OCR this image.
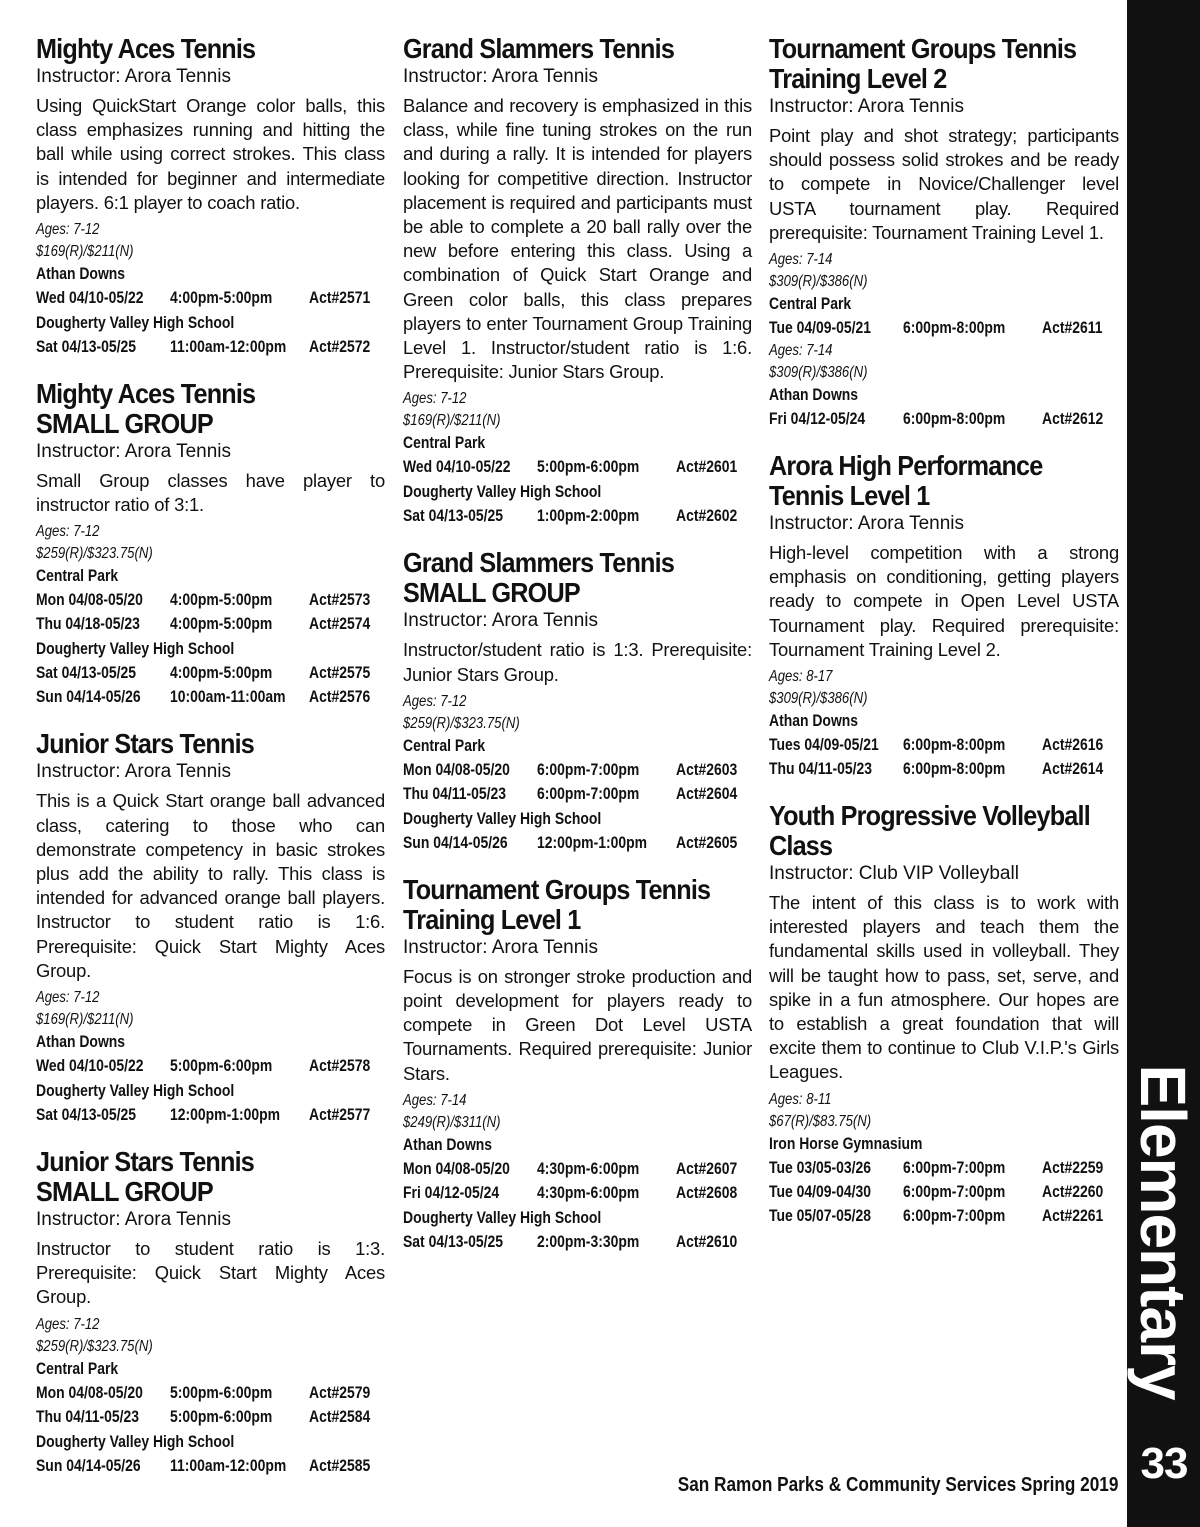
Mighty Aces Tennis
Instructor: Arora Tennis
Using QuickStart Orange color balls, this class emphasizes running and hitting the ball while using correct strokes. This class is intended for beginner and intermediate players. 6:1 player to coach ratio.
Ages: 7-12
$169(R)/$211(N)
Athan Downs
Wed 04/10-05/22 4:00pm-5:00pm Act#2571
Dougherty Valley High School
Sat 04/13-05/25 11:00am-12:00pm Act#2572
Mighty Aces Tennis
SMALL GROUP
Instructor: Arora Tennis
Small Group classes have player to instructor ratio of 3:1.
Ages: 7-12
$259(R)/$323.75(N)
Central Park
Mon 04/08-05/20 4:00pm-5:00pm Act#2573
Thu 04/18-05/23 4:00pm-5:00pm Act#2574
Dougherty Valley High School
Sat 04/13-05/25 4:00pm-5:00pm Act#2575
Sun 04/14-05/26 10:00am-11:00am Act#2576
Junior Stars Tennis
Instructor: Arora Tennis
This is a Quick Start orange ball advanced class, catering to those who can demonstrate competency in basic strokes plus add the ability to rally. This class is intended for advanced orange ball players. Instructor to student ratio is 1:6. Prerequisite: Quick Start Mighty Aces Group.
Ages: 7-12
$169(R)/$211(N)
Athan Downs
Wed 04/10-05/22 5:00pm-6:00pm Act#2578
Dougherty Valley High School
Sat 04/13-05/25 12:00pm-1:00pm Act#2577
Junior Stars Tennis
SMALL GROUP
Instructor: Arora Tennis
Instructor to student ratio is 1:3. Prerequisite: Quick Start Mighty Aces Group.
Ages: 7-12
$259(R)/$323.75(N)
Central Park
Mon 04/08-05/20 5:00pm-6:00pm Act#2579
Thu 04/11-05/23 5:00pm-6:00pm Act#2584
Dougherty Valley High School
Sun 04/14-05/26 11:00am-12:00pm Act#2585
Grand Slammers Tennis
Instructor: Arora Tennis
Balance and recovery is emphasized in this class, while fine tuning strokes on the run and during a rally. It is intended for players looking for competitive direction. Instructor placement is required and participants must be able to complete a 20 ball rally over the new before entering this class. Using a combination of Quick Start Orange and Green color balls, this class prepares players to enter Tournament Group Training Level 1. Instructor/student ratio is 1:6. Prerequisite: Junior Stars Group.
Ages: 7-12
$169(R)/$211(N)
Central Park
Wed 04/10-05/22 5:00pm-6:00pm Act#2601
Dougherty Valley High School
Sat 04/13-05/25 1:00pm-2:00pm Act#2602
Grand Slammers Tennis
SMALL GROUP
Instructor: Arora Tennis
Instructor/student ratio is 1:3. Prerequisite: Junior Stars Group.
Ages: 7-12
$259(R)/$323.75(N)
Central Park
Mon 04/08-05/20 6:00pm-7:00pm Act#2603
Thu 04/11-05/23 6:00pm-7:00pm Act#2604
Dougherty Valley High School
Sun 04/14-05/26 12:00pm-1:00pm Act#2605
Tournament Groups Tennis
Training Level 1
Instructor: Arora Tennis
Focus is on stronger stroke production and point development for players ready to compete in Green Dot Level USTA Tournaments. Required prerequisite: Junior Stars.
Ages: 7-14
$249(R)/$311(N)
Athan Downs
Mon 04/08-05/20 4:30pm-6:00pm Act#2607
Fri 04/12-05/24 4:30pm-6:00pm Act#2608
Dougherty Valley High School
Sat 04/13-05/25 2:00pm-3:30pm Act#2610
Tournament Groups Tennis
Training Level 2
Instructor: Arora Tennis
Point play and shot strategy; participants should possess solid strokes and be ready to compete in Novice/Challenger level USTA tournament play. Required prerequisite: Tournament Training Level 1.
Ages: 7-14
$309(R)/$386(N)
Central Park
Tue 04/09-05/21 6:00pm-8:00pm Act#2611
Ages: 7-14
$309(R)/$386(N)
Athan Downs
Fri 04/12-05/24 6:00pm-8:00pm Act#2612
Arora High Performance
Tennis Level 1
Instructor: Arora Tennis
High-level competition with a strong emphasis on conditioning, getting players ready to compete in Open Level USTA Tournament play. Required prerequisite: Tournament Training Level 2.
Ages: 8-17
$309(R)/$386(N)
Athan Downs
Tues 04/09-05/21 6:00pm-8:00pm Act#2616
Thu 04/11-05/23 6:00pm-8:00pm Act#2614
Youth Progressive Volleyball
Class
Instructor: Club VIP Volleyball
The intent of this class is to work with interested players and teach them the fundamental skills used in volleyball. They will be taught how to pass, set, serve, and spike in a fun atmosphere. Our hopes are to establish a great foundation that will excite them to continue to Club V.I.P.'s Girls Leagues.
Ages: 8-11
$67(R)/$83.75(N)
Iron Horse Gymnasium
Tue 03/05-03/26 6:00pm-7:00pm Act#2259
Tue 04/09-04/30 6:00pm-7:00pm Act#2260
Tue 05/07-05/28 6:00pm-7:00pm Act#2261 Elementary
33
San Ramon Parks & Community Services Spring 2019
